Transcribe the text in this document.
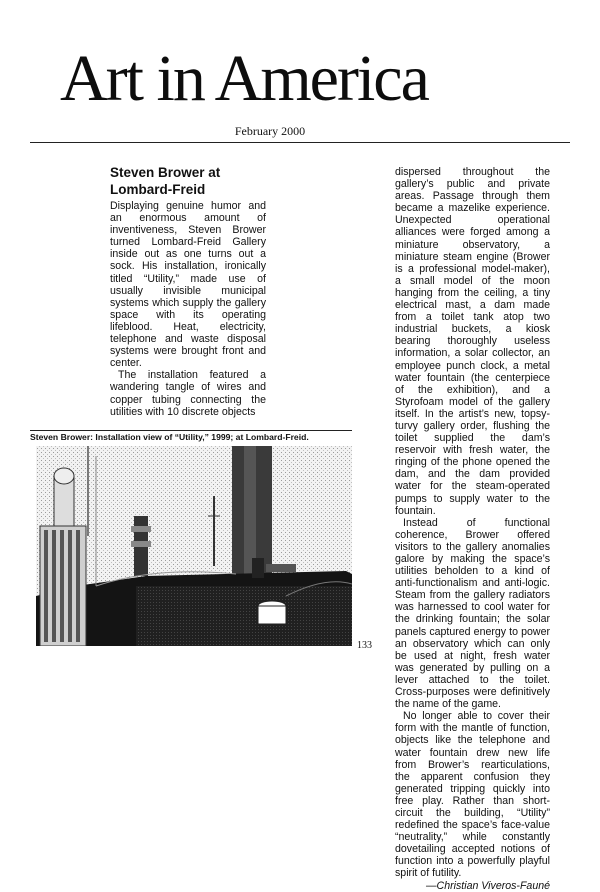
Art in America
February 2000
Steven Brower at
Lombard-Freid

Displaying genuine humor and an enormous amount of inventiveness, Steven Brower turned Lombard-Freid Gallery inside out as one turns out a sock. His installation, ironically titled “Utility,” made use of usually invisible municipal systems which supply the gallery space with its operating lifeblood. Heat, electricity, telephone and waste disposal systems were brought front and center.

The installation featured a wandering tangle of wires and copper tubing connecting the utilities with 10 discrete objects

dispersed throughout the gallery’s public and private areas. Passage through them became a mazelike experience. Unexpected operational alliances were forged among a miniature observatory, a miniature steam engine (Brower is a professional model-maker), a small model of the moon hanging from the ceiling, a tiny electrical mast, a dam made from a toilet tank atop two industrial buckets, a kiosk bearing thoroughly useless information, a solar collector, an employee punch clock, a metal water fountain (the centerpiece of the exhibition), and a Styrofoam model of the gallery itself. In the artist’s new, topsy-turvy gallery order, flushing the toilet supplied the dam’s reservoir with fresh water, the ringing of the phone opened the dam, and the dam provided water for the steam-operated pumps to supply water to the fountain.

Instead of functional coherence, Brower offered visitors to the gallery anomalies galore by making the space’s utilities beholden to a kind of anti-functionalism and anti-logic. Steam from the gallery radiators was harnessed to cool water for the drinking fountain; the solar panels captured energy to power an observatory which can only be used at night, fresh water was generated by pulling on a lever attached to the toilet. Cross-purposes were definitively the name of the game.

No longer able to cover their form with the mantle of function, objects like the telephone and water fountain drew new life from Brower’s rearticulations, the apparent confusion they generated tripping quickly into free play. Rather than short-circuit the building, “Utility” redefined the space’s face-value “neutrality,” while constantly dovetailing accepted notions of function into a powerfully playful spirit of futility.

—Christian Viveros-Fauné

Steven Brower: Installation view of “Utility,” 1999; at Lombard-Freid.
133
